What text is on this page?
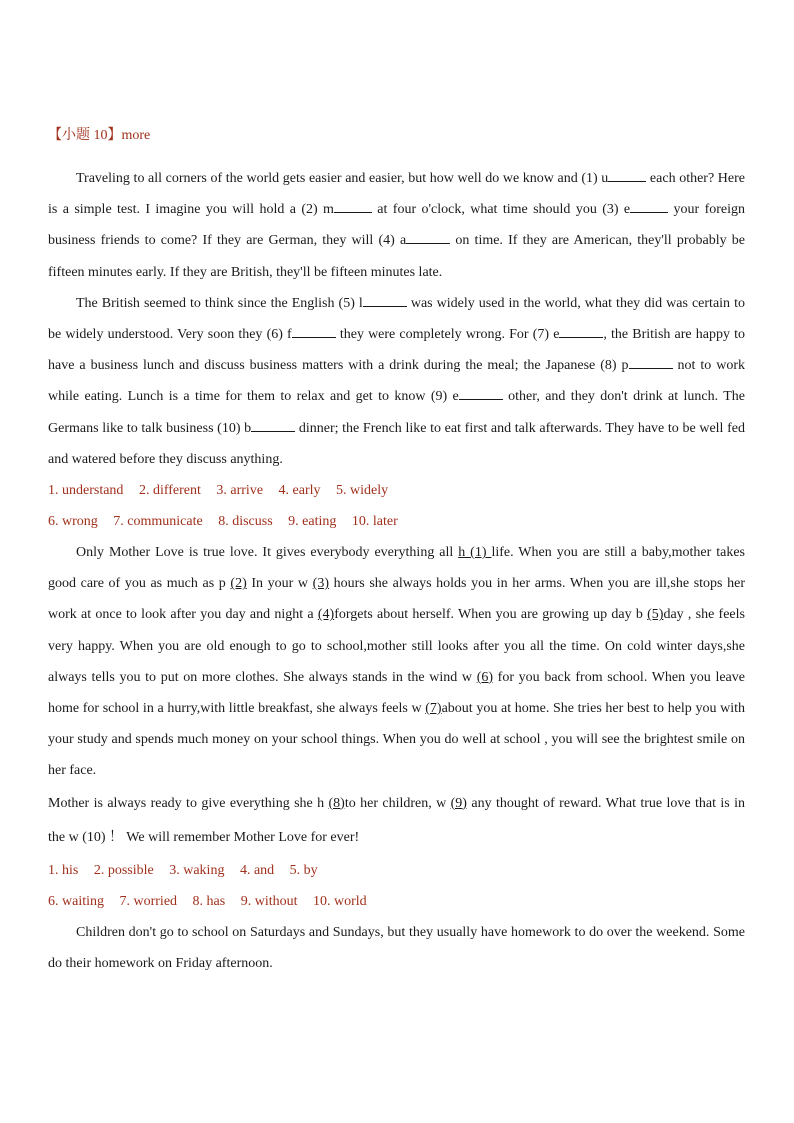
【小题 10】more

Traveling to all corners of the world gets easier and easier, but how well do we know and (1) u	each other? Here is a simple test. I imagine you will hold a (2) m	at four o'clock, what time should you (3) e	your foreign business friends to come? If they are German, they will (4) a	on time. If they are American, they'll probably be fifteen minutes early. If they are British, they'll be fifteen minutes late.

The British seemed to think since the English (5) l	was widely used in the world, what they did was certain to be widely understood. Very soon they (6) f	they were completely wrong. For (7) e	, the British are happy to have a business lunch and discuss business matters with a drink during the meal; the Japanese (8) p	not to work while eating. Lunch is a time for them to relax and get to know (9) e	other, and they don't drink at lunch. The Germans like to talk business (10) b	dinner; the French like to eat first and talk afterwards. They have to be well fed and watered before they discuss anything.

1. understand 2. different 3. arrive 4. early 5. widely

6. wrong 7. communicate 8. discuss 9. eating 10. later

Only Mother Love is true love. It gives everybody everything all h (1) life. When you are still a baby,mother takes good care of you as much as p (2) In your w (3) hours she always holds you in her arms. When you are ill,she stops her work at once to look after you day and night a (4)forgets about herself. When you are growing up day b (5)day , she feels very happy. When you are old enough to go to school,mother still looks after you all the time. On cold winter days,she always tells you to put on more clothes. She always stands in the wind w (6) for you back from school. When you leave home for school in a hurry,with little breakfast, she always feels w (7)about you at home. She tries her best to help you with your study and spends much money on your school things. When you do well at school , you will see the brightest smile on her face.

Mother is always ready to give everything she h (8)to her children, w (9) any thought of reward. What true love that is in the w (10) ！ We will remember Mother Love for ever!

1. his 2. possible 3. waking 4. and 5. by

6. waiting 7. worried 8. has 9. without 10. world

Children don't go to school on Saturdays and Sundays, but they usually have homework to do over the weekend. Some do their homework on Friday afternoon.
